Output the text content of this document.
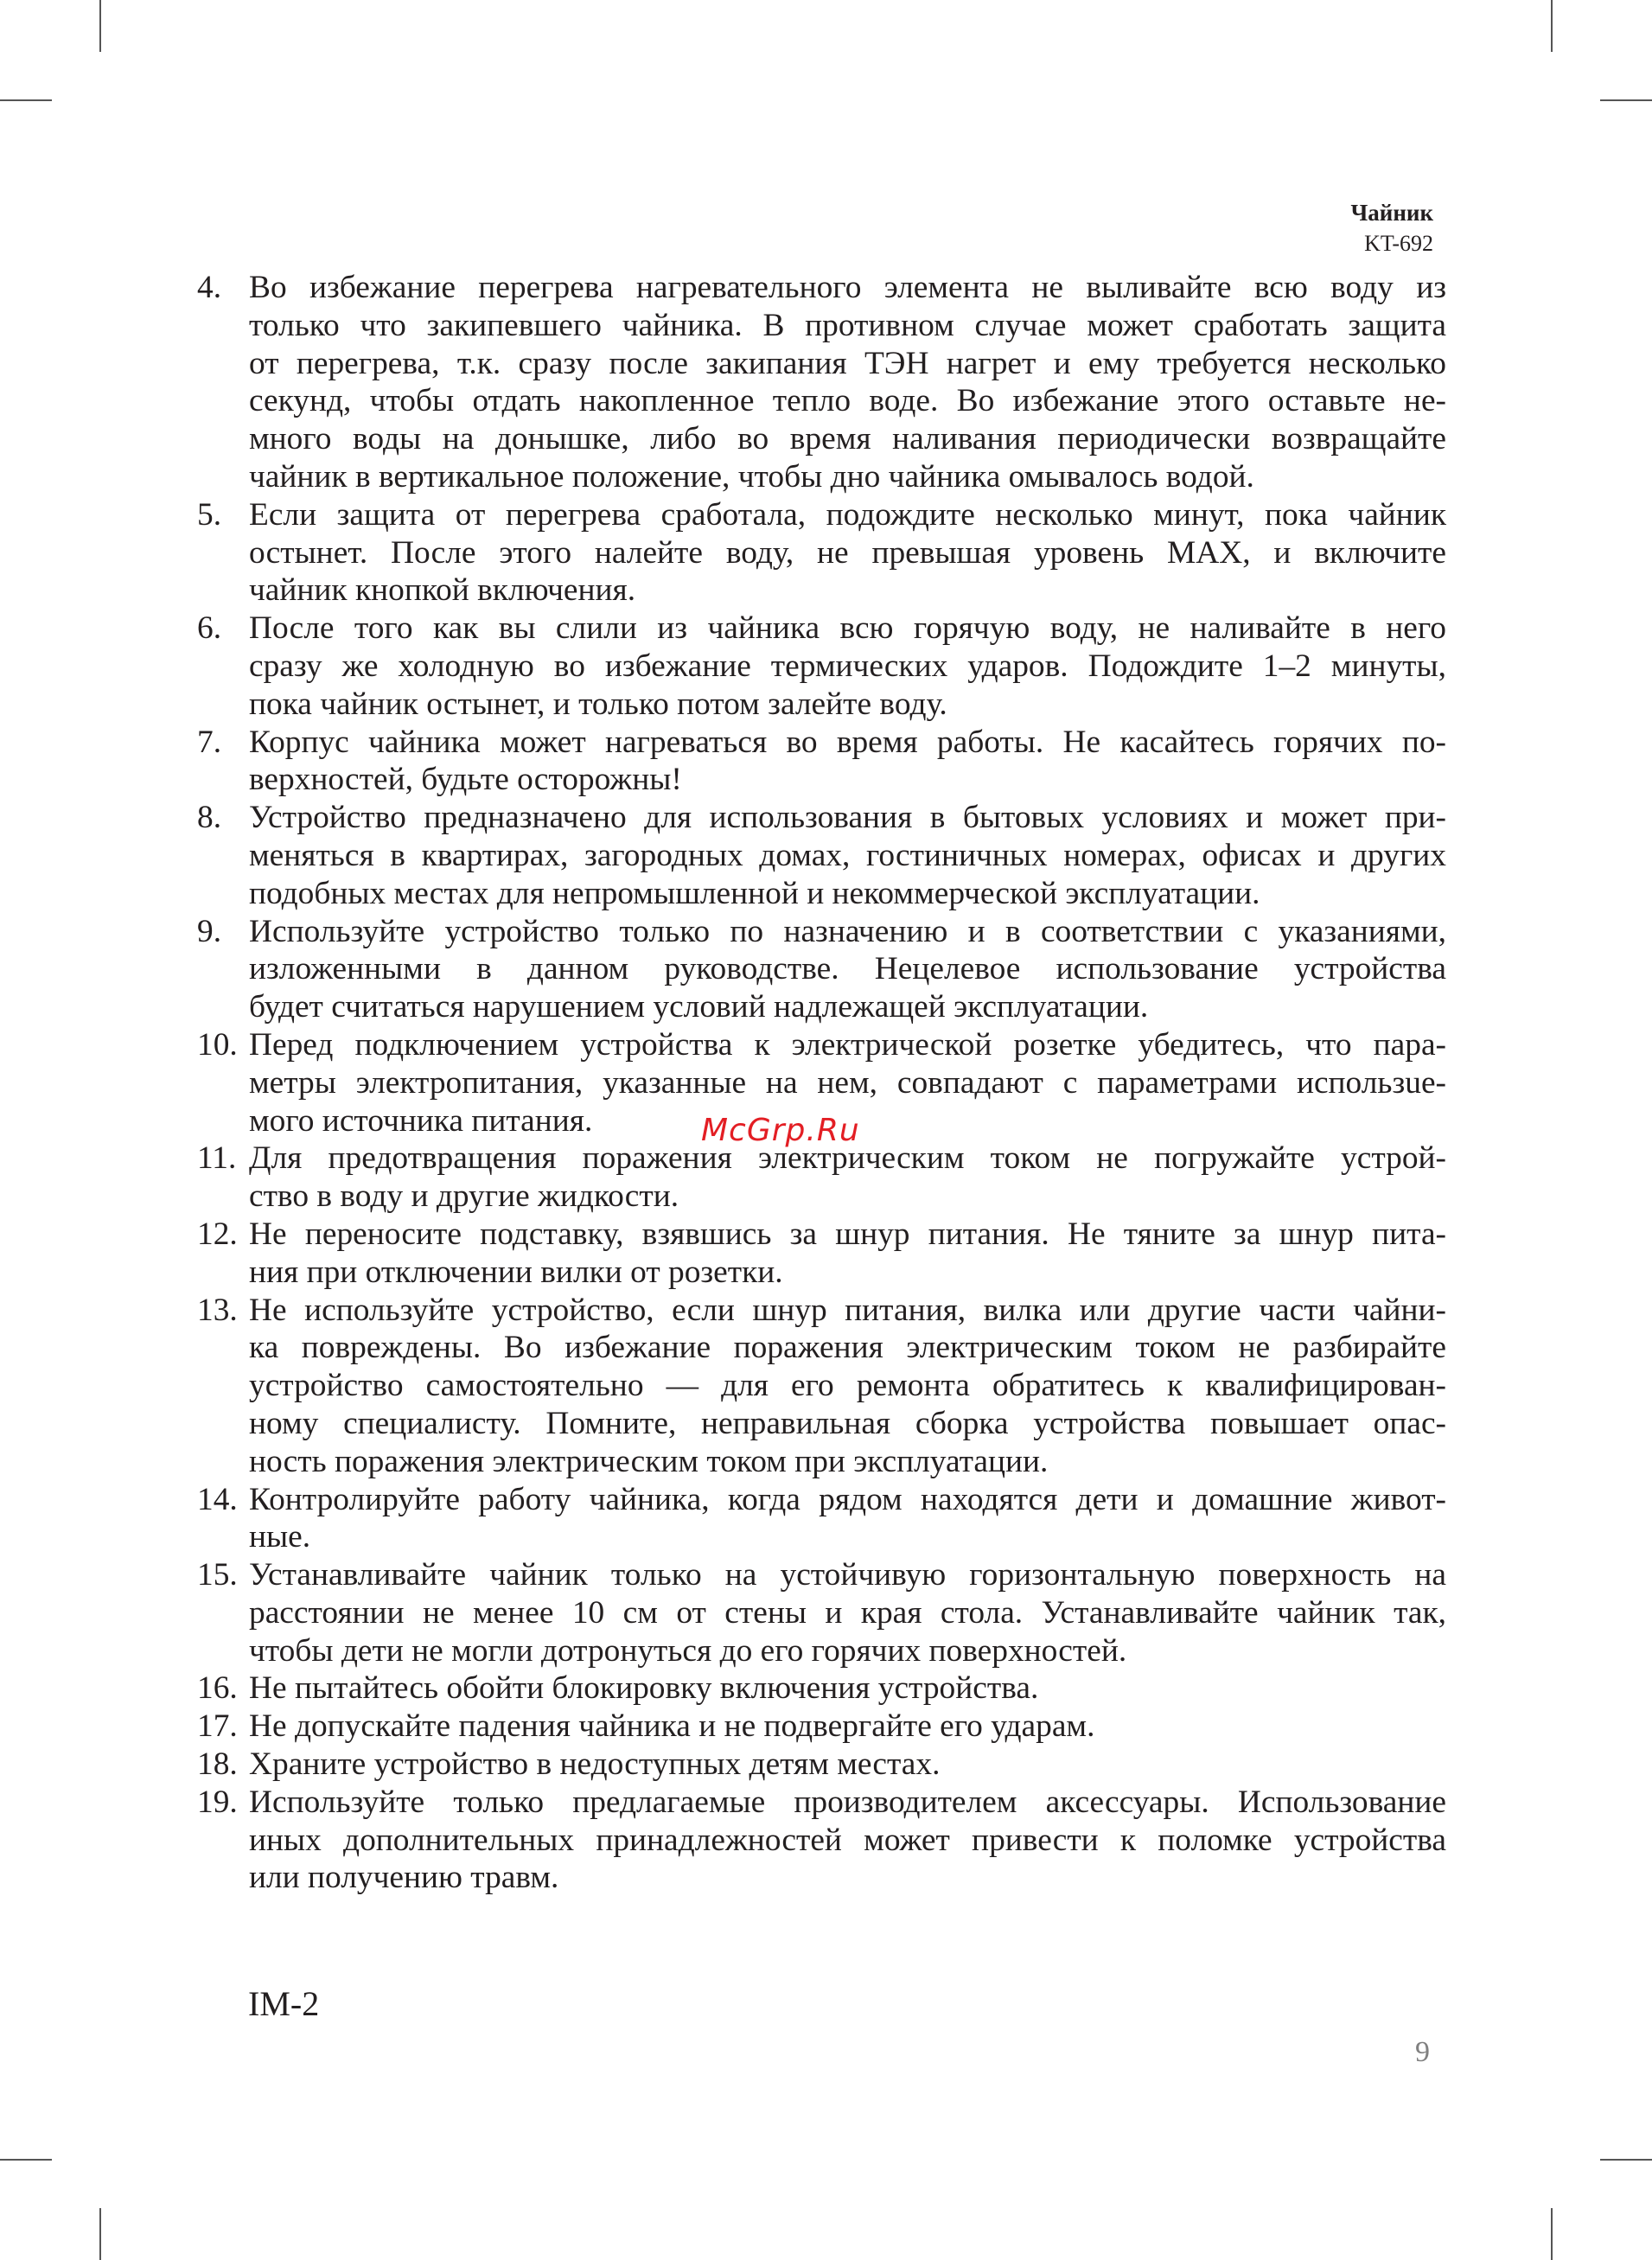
Чайник
KT-692
4. Во избежание перегрева нагревательного элемента не выливайте всю воду из
только что закипевшего чайника. В противном случае может сработать защита
от перегрева, т.к. сразу после закипания ТЭН нагрет и ему требуется несколько
секунд, чтобы отдать накопленное тепло воде. Во избежание этого оставьте не-
много воды на донышке, либо во время наливания периодически возвращайте
чайник в вертикальное положение, чтобы дно чайника омывалось водой.
5. Если защита от перегрева сработала, подождите несколько минут, пока чайник
остынет. После этого налейте воду, не превышая уровень MAX, и включите
чайник кнопкой включения.
6. После того как вы слили из чайника всю горячую воду, не наливайте в него
сразу же холодную во избежание термических ударов. Подождите 1–2 минуты,
пока чайник остынет, и только потом залейте воду.
7. Корпус чайника может нагреваться во время работы. Не касайтесь горячих по-
верхностей, будьте осторожны!
8. Устройство предназначено для использования в бытовых условиях и может при-
меняться в квартирах, загородных домах, гостиничных номерах, офисах и других
подобных местах для непромышленной и некоммерческой эксплуатации.
9. Используйте устройство только по назначению и в соответствии с указаниями,
изложенными в данном руководстве. Нецелевое использование устройства
будет считаться нарушением условий надлежащей эксплуатации.
10. Перед подключением устройства к электрической розетке убедитесь, что пара-
метры электропитания, указанные на нем, совпадают с параметрами использue-
мого источника питания.
11. Для предотвращения поражения электрическим током не погружайте устрой-
ство в воду и другие жидкости.
12. Не переносите подставку, взявшись за шнур питания. Не тяните за шнур пита-
ния при отключении вилки от розетки.
13. Не используйте устройство, если шнур питания, вилка или другие части чайни-
ка повреждены. Во избежание поражения электрическим током не разбирайте
устройство самостоятельно — для его ремонта обратитесь к квалифицирован-
ному специалисту. Помните, неправильная сборка устройства повышает опас-
ность поражения электрическим током при эксплуатации.
14. Контролируйте работу чайника, когда рядом находятся дети и домашние живот-
ные.
15. Устанавливайте чайник только на устойчивую горизонтальную поверхность на
расстоянии не менее 10 см от стены и края стола. Устанавливайте чайник так,
чтобы дети не могли дотронуться до его горячих поверхностей.
16. Не пытайтесь обойти блокировку включения устройства.
17. Не допускайте падения чайника и не подвергайте его ударам.
18. Храните устройство в недоступных детям местах.
19. Используйте только предлагаемые производителем аксессуары. Использование
иных дополнительных принадлежностей может привести к поломке устройства
или получению травм.
McGrp.Ru
IM-2
9
